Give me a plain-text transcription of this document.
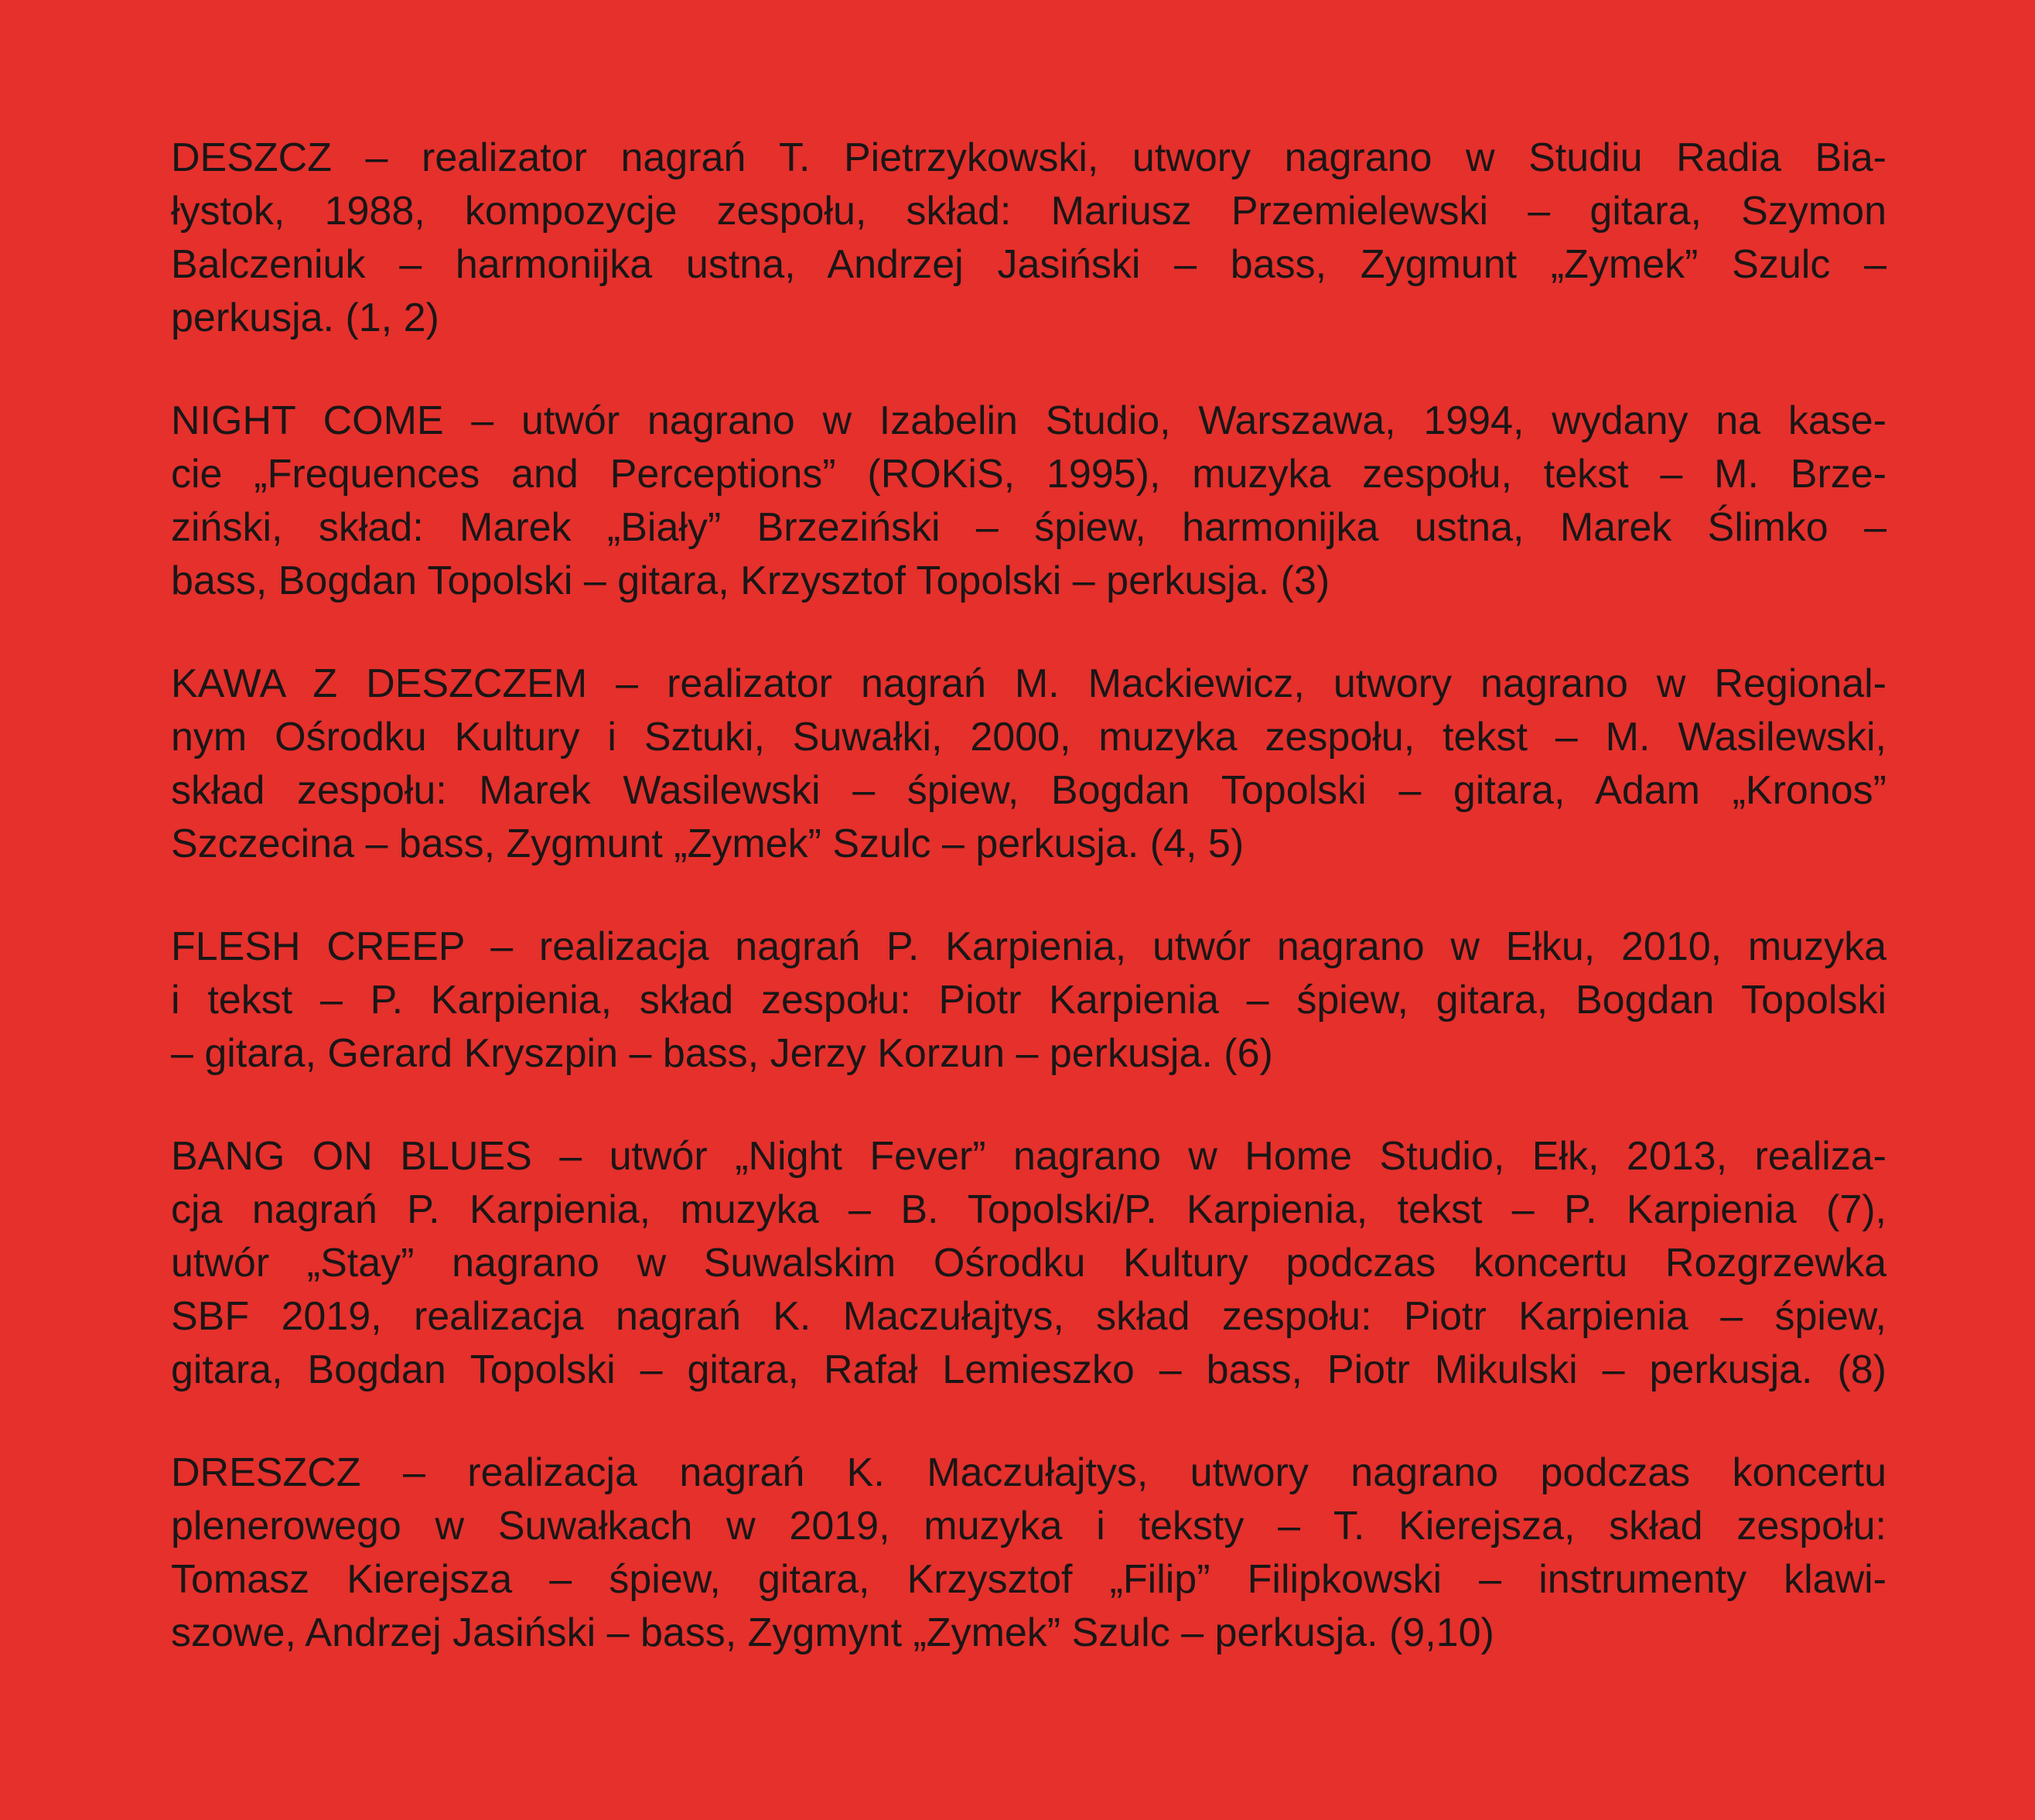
DESZCZ – realizator nagrań T. Pietrzykowski, utwory nagrano w Studiu Radia Bia-
łystok, 1988, kompozycje zespołu, skład: Mariusz Przemielewski – gitara, Szymon
Balczeniuk – harmonijka ustna, Andrzej Jasiński – bass, Zygmunt „Zymek” Szulc –
perkusja. (1, 2)

NIGHT COME – utwór nagrano w Izabelin Studio, Warszawa, 1994, wydany na kase-
cie „Frequences and Perceptions” (ROKiS, 1995), muzyka zespołu, tekst – M. Brze-
ziński, skład: Marek „Biały” Brzeziński – śpiew, harmonijka ustna, Marek Ślimko –
bass, Bogdan Topolski – gitara, Krzysztof Topolski – perkusja. (3)

KAWA Z DESZCZEM – realizator nagrań M. Mackiewicz, utwory nagrano w Regional-
nym Ośrodku Kultury i Sztuki, Suwałki, 2000, muzyka zespołu, tekst – M. Wasilewski,
skład zespołu: Marek Wasilewski – śpiew, Bogdan Topolski – gitara, Adam „Kronos”
Szczecina – bass, Zygmunt „Zymek” Szulc – perkusja. (4, 5)

FLESH CREEP – realizacja nagrań P. Karpienia, utwór nagrano w Ełku, 2010, muzyka
i tekst – P. Karpienia, skład zespołu: Piotr Karpienia – śpiew, gitara, Bogdan Topolski
– gitara, Gerard Kryszpin – bass, Jerzy Korzun – perkusja. (6)

BANG ON BLUES – utwór „Night Fever” nagrano w Home Studio, Ełk, 2013, realiza-
cja nagrań P. Karpienia, muzyka – B. Topolski/P. Karpienia, tekst – P. Karpienia (7),
utwór „Stay” nagrano w Suwalskim Ośrodku Kultury podczas koncertu Rozgrzewka
SBF 2019, realizacja nagrań K. Maczułajtys, skład zespołu: Piotr Karpienia – śpiew,
gitara, Bogdan Topolski – gitara, Rafał Lemieszko – bass, Piotr Mikulski – perkusja. (8)

DRESZCZ – realizacja nagrań K. Maczułajtys, utwory nagrano podczas koncertu
plenerowego w Suwałkach w 2019, muzyka i teksty – T. Kierejsza, skład zespołu:
Tomasz Kierejsza – śpiew, gitara, Krzysztof „Filip” Filipkowski – instrumenty klawi-
szowe, Andrzej Jasiński – bass, Zygmynt „Zymek” Szulc – perkusja. (9,10)
